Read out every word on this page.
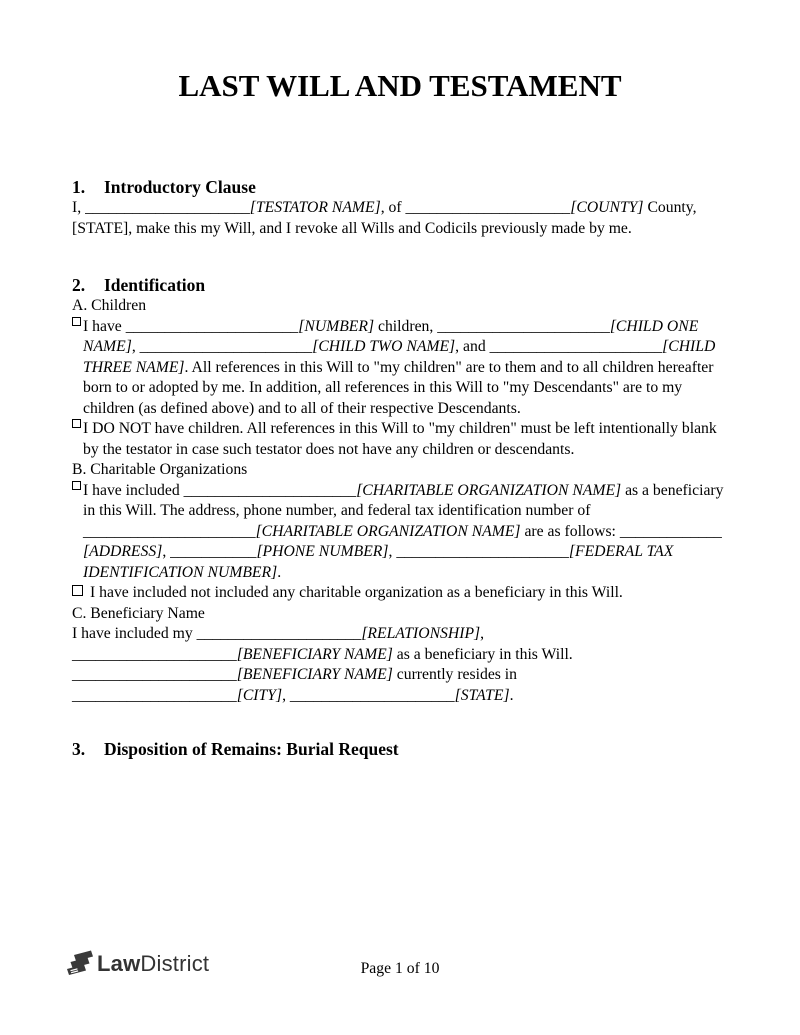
LAST WILL AND TESTAMENT
1.	Introductory Clause

I, _____________________[TESTATOR NAME], of _____________________[COUNTY] County,
[STATE], make this my Will, and I revoke all Wills and Codicils previously made by me.

2.	Identification

A. Children

I have ______________________[NUMBER] children, ______________________[CHILD ONE
NAME], ______________________[CHILD TWO NAME], and ______________________[CHILD
THREE NAME]. All references in this Will to "my children" are to them and to all children hereafter
born to or adopted by me. In addition, all references in this Will to "my Descendants" are to my
children (as defined above) and to all of their respective Descendants.

I DO NOT have children. All references in this Will to "my children" must be left intentionally blank
by the testator in case such testator does not have any children or descendants.

B. Charitable Organizations

I have included ______________________[CHARITABLE ORGANIZATION NAME] as a beneficiary
in this Will. The address, phone number, and federal tax identification number of
______________________[CHARITABLE ORGANIZATION NAME] are as follows: _____________
[ADDRESS], ___________[PHONE NUMBER], ______________________[FEDERAL TAX
IDENTIFICATION NUMBER].

I have included not included any charitable organization as a beneficiary in this Will.

C. Beneficiary Name

I have included my _____________________[RELATIONSHIP],
_____________________[BENEFICIARY NAME] as a beneficiary in this Will.
_____________________[BENEFICIARY NAME] currently resides in
_____________________[CITY], _____________________[STATE].

3.	Disposition of Remains: Burial Request
LawDistrict	Page 1 of 10
